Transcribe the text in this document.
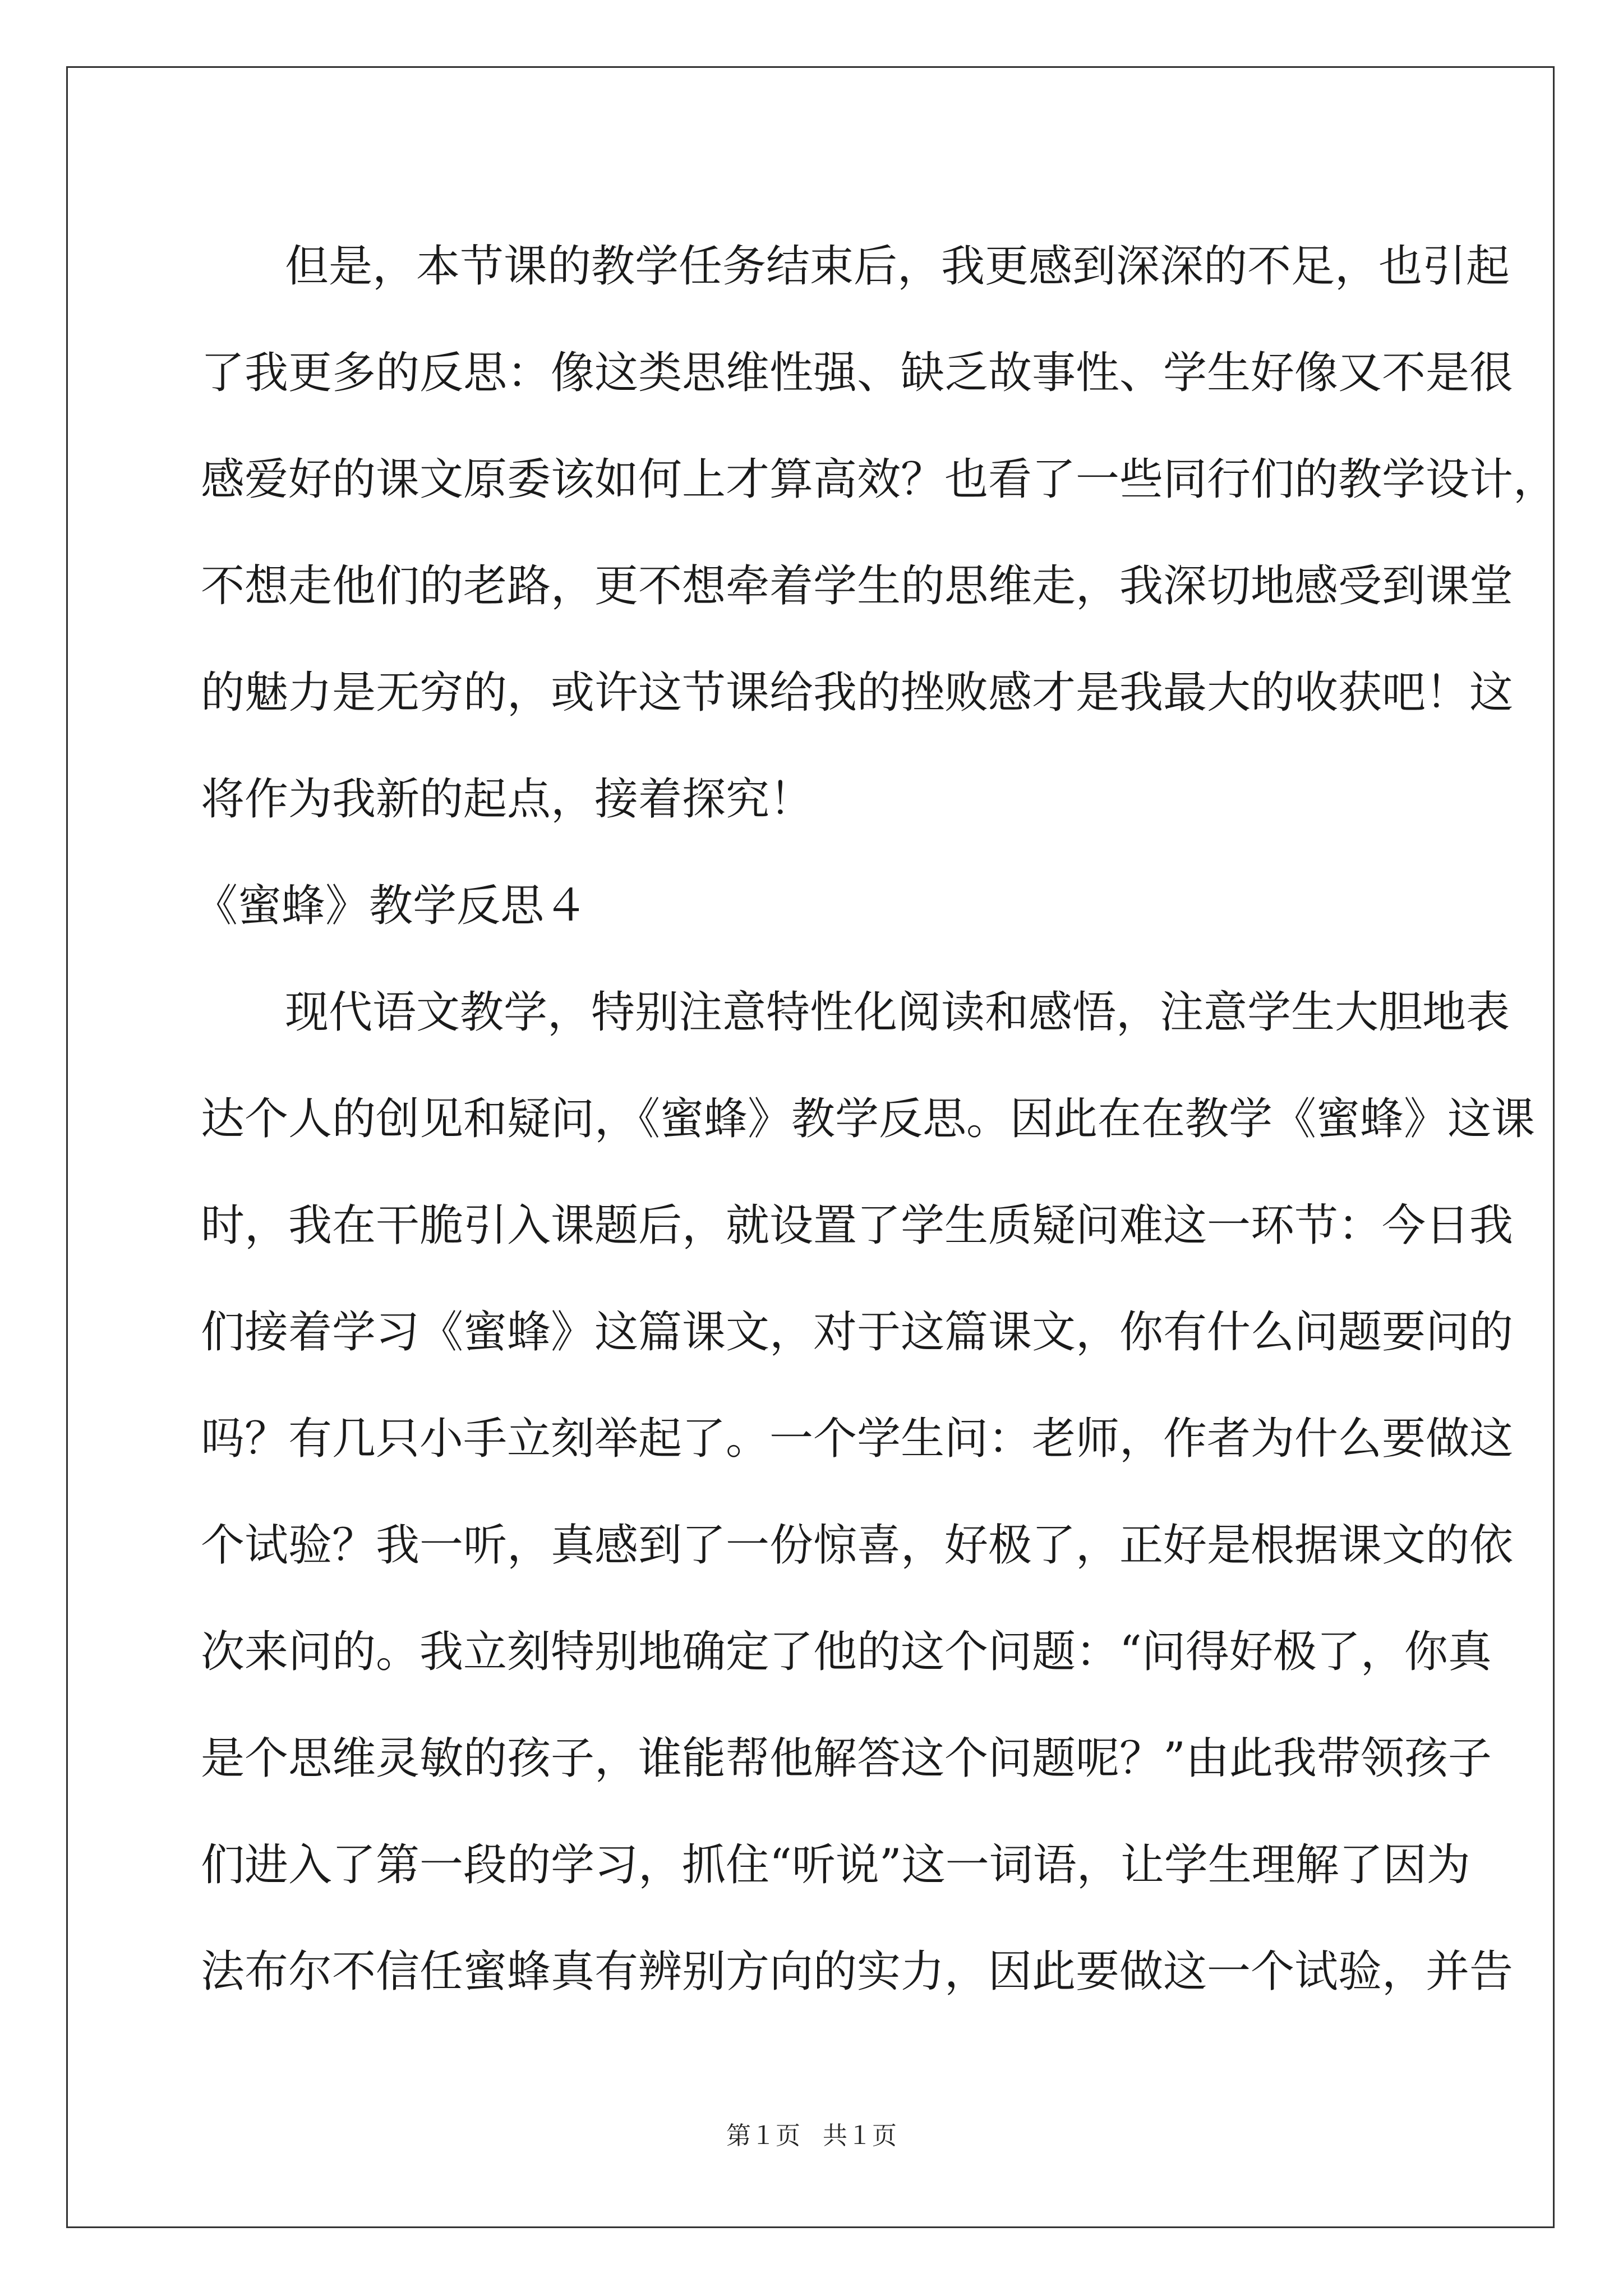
但是，本节课的教学任务结束后，我更感到深深的不足，也引起
了我更多的反思：像这类思维性强、缺乏故事性、学生好像又不是很
感爱好的课文原委该如何上才算高效？也看了一些同行们的教学设计，
不想走他们的老路，更不想牵着学生的思维走，我深切地感受到课堂
的魅力是无穷的，或许这节课给我的挫败感才是我最大的收获吧！这
将作为我新的起点，接着探究！
《蜜蜂》教学反思４
现代语文教学，特别注意特性化阅读和感悟，注意学生大胆地表
达个人的创见和疑问，《蜜蜂》教学反思。因此在在教学《蜜蜂》这课
时，我在干脆引入课题后，就设置了学生质疑问难这一环节：今日我
们接着学习《蜜蜂》这篇课文，对于这篇课文，你有什么问题要问的
吗？有几只小手立刻举起了。一个学生问：老师，作者为什么要做这
个试验？我一听，真感到了一份惊喜，好极了，正好是根据课文的依
次来问的。我立刻特别地确定了他的这个问题：“问得好极了，你真
是个思维灵敏的孩子，谁能帮他解答这个问题呢？”由此我带领孩子
们进入了第一段的学习，抓住“听说”这一词语，让学生理解了因为
法布尔不信任蜜蜂真有辨别方向的实力，因此要做这一个试验，并告
第１页 共１页
